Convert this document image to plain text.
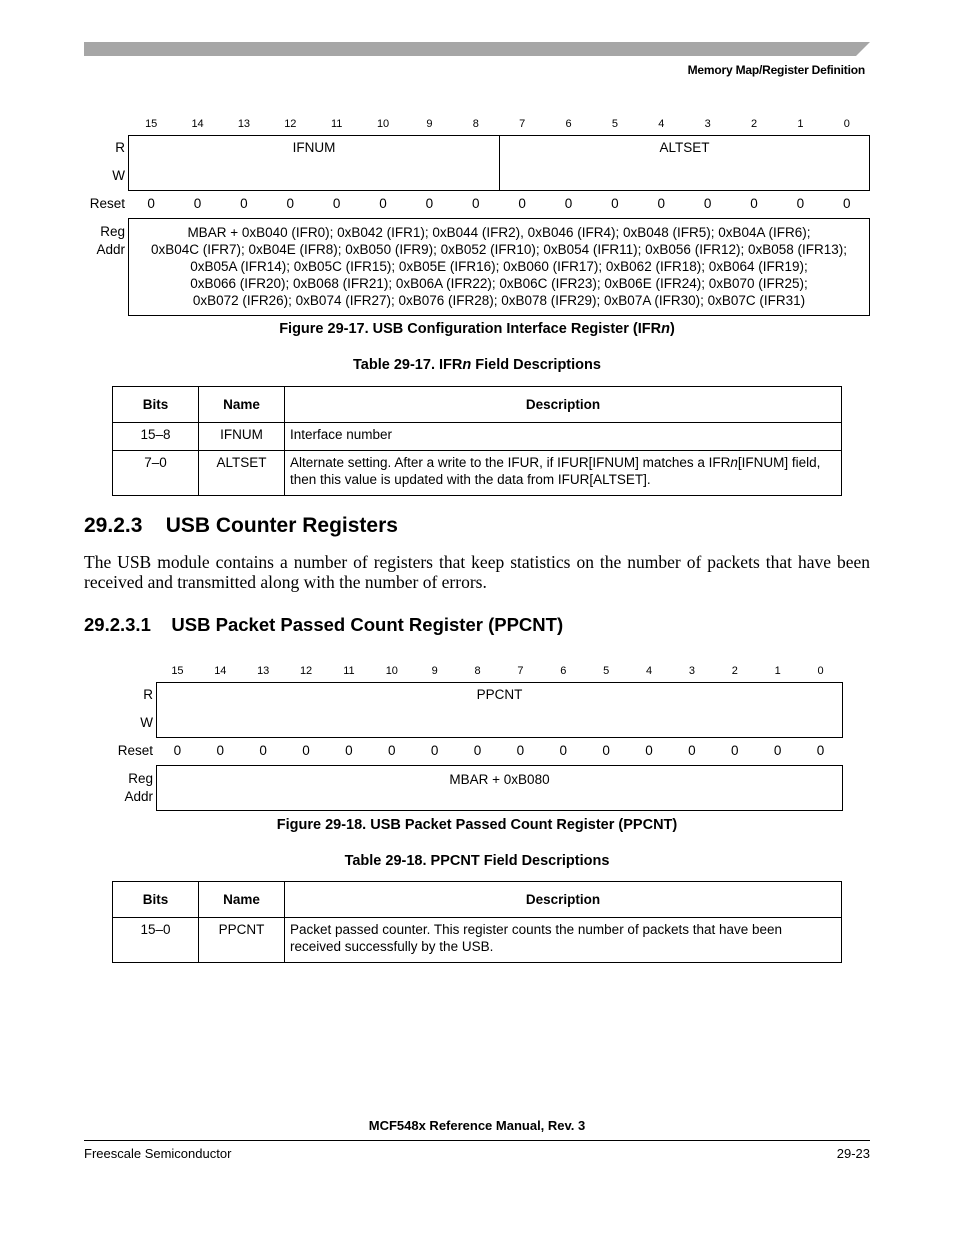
Memory Map/Register Definition
15	14	13	12	11	10	9	8	7	6	5	4	3	2	1	0
R
W
Reset
Reg
Addr
IFNUM	ALTSET
0	0	0	0	0	0	0	0	0	0	0	0	0	0	0	0
MBAR + 0xB040 (IFR0); 0xB042 (IFR1); 0xB044 (IFR2), 0xB046 (IFR4); 0xB048 (IFR5); 0xB04A (IFR6);
0xB04C (IFR7); 0xB04E (IFR8); 0xB050 (IFR9); 0xB052 (IFR10); 0xB054 (IFR11); 0xB056 (IFR12); 0xB058 (IFR13);
0xB05A (IFR14); 0xB05C (IFR15); 0xB05E (IFR16); 0xB060 (IFR17); 0xB062 (IFR18); 0xB064 (IFR19);
0xB066 (IFR20); 0xB068 (IFR21); 0xB06A (IFR22); 0xB06C (IFR23); 0xB06E (IFR24); 0xB070 (IFR25);
0xB072 (IFR26); 0xB074 (IFR27); 0xB076 (IFR28); 0xB078 (IFR29); 0xB07A (IFR30); 0xB07C (IFR31)
Figure 29-17. USB Configuration Interface Register (IFRn)
Table 29-17. IFRn Field Descriptions
Bits	Name	Description
15–8	IFNUM	Interface number
7–0	ALTSET	Alternate setting. After a write to the IFUR, if IFUR[IFNUM] matches a IFRn[IFNUM] field, then this value is updated with the data from IFUR[ALTSET].
29.2.3    USB Counter Registers
The USB module contains a number of registers that keep statistics on the number of packets that have been received and transmitted along with the number of errors.
29.2.3.1    USB Packet Passed Count Register (PPCNT)
15	14	13	12	11	10	9	8	7	6	5	4	3	2	1	0
R
W
Reset
Reg
Addr
PPCNT
0	0	0	0	0	0	0	0	0	0	0	0	0	0	0	0
MBAR + 0xB080
Figure 29-18. USB Packet Passed Count Register (PPCNT)
Table 29-18. PPCNT Field Descriptions
Bits	Name	Description
15–0	PPCNT	Packet passed counter. This register counts the number of packets that have been received successfully by the USB.
MCF548x Reference Manual, Rev. 3
Freescale Semiconductor	29-23
